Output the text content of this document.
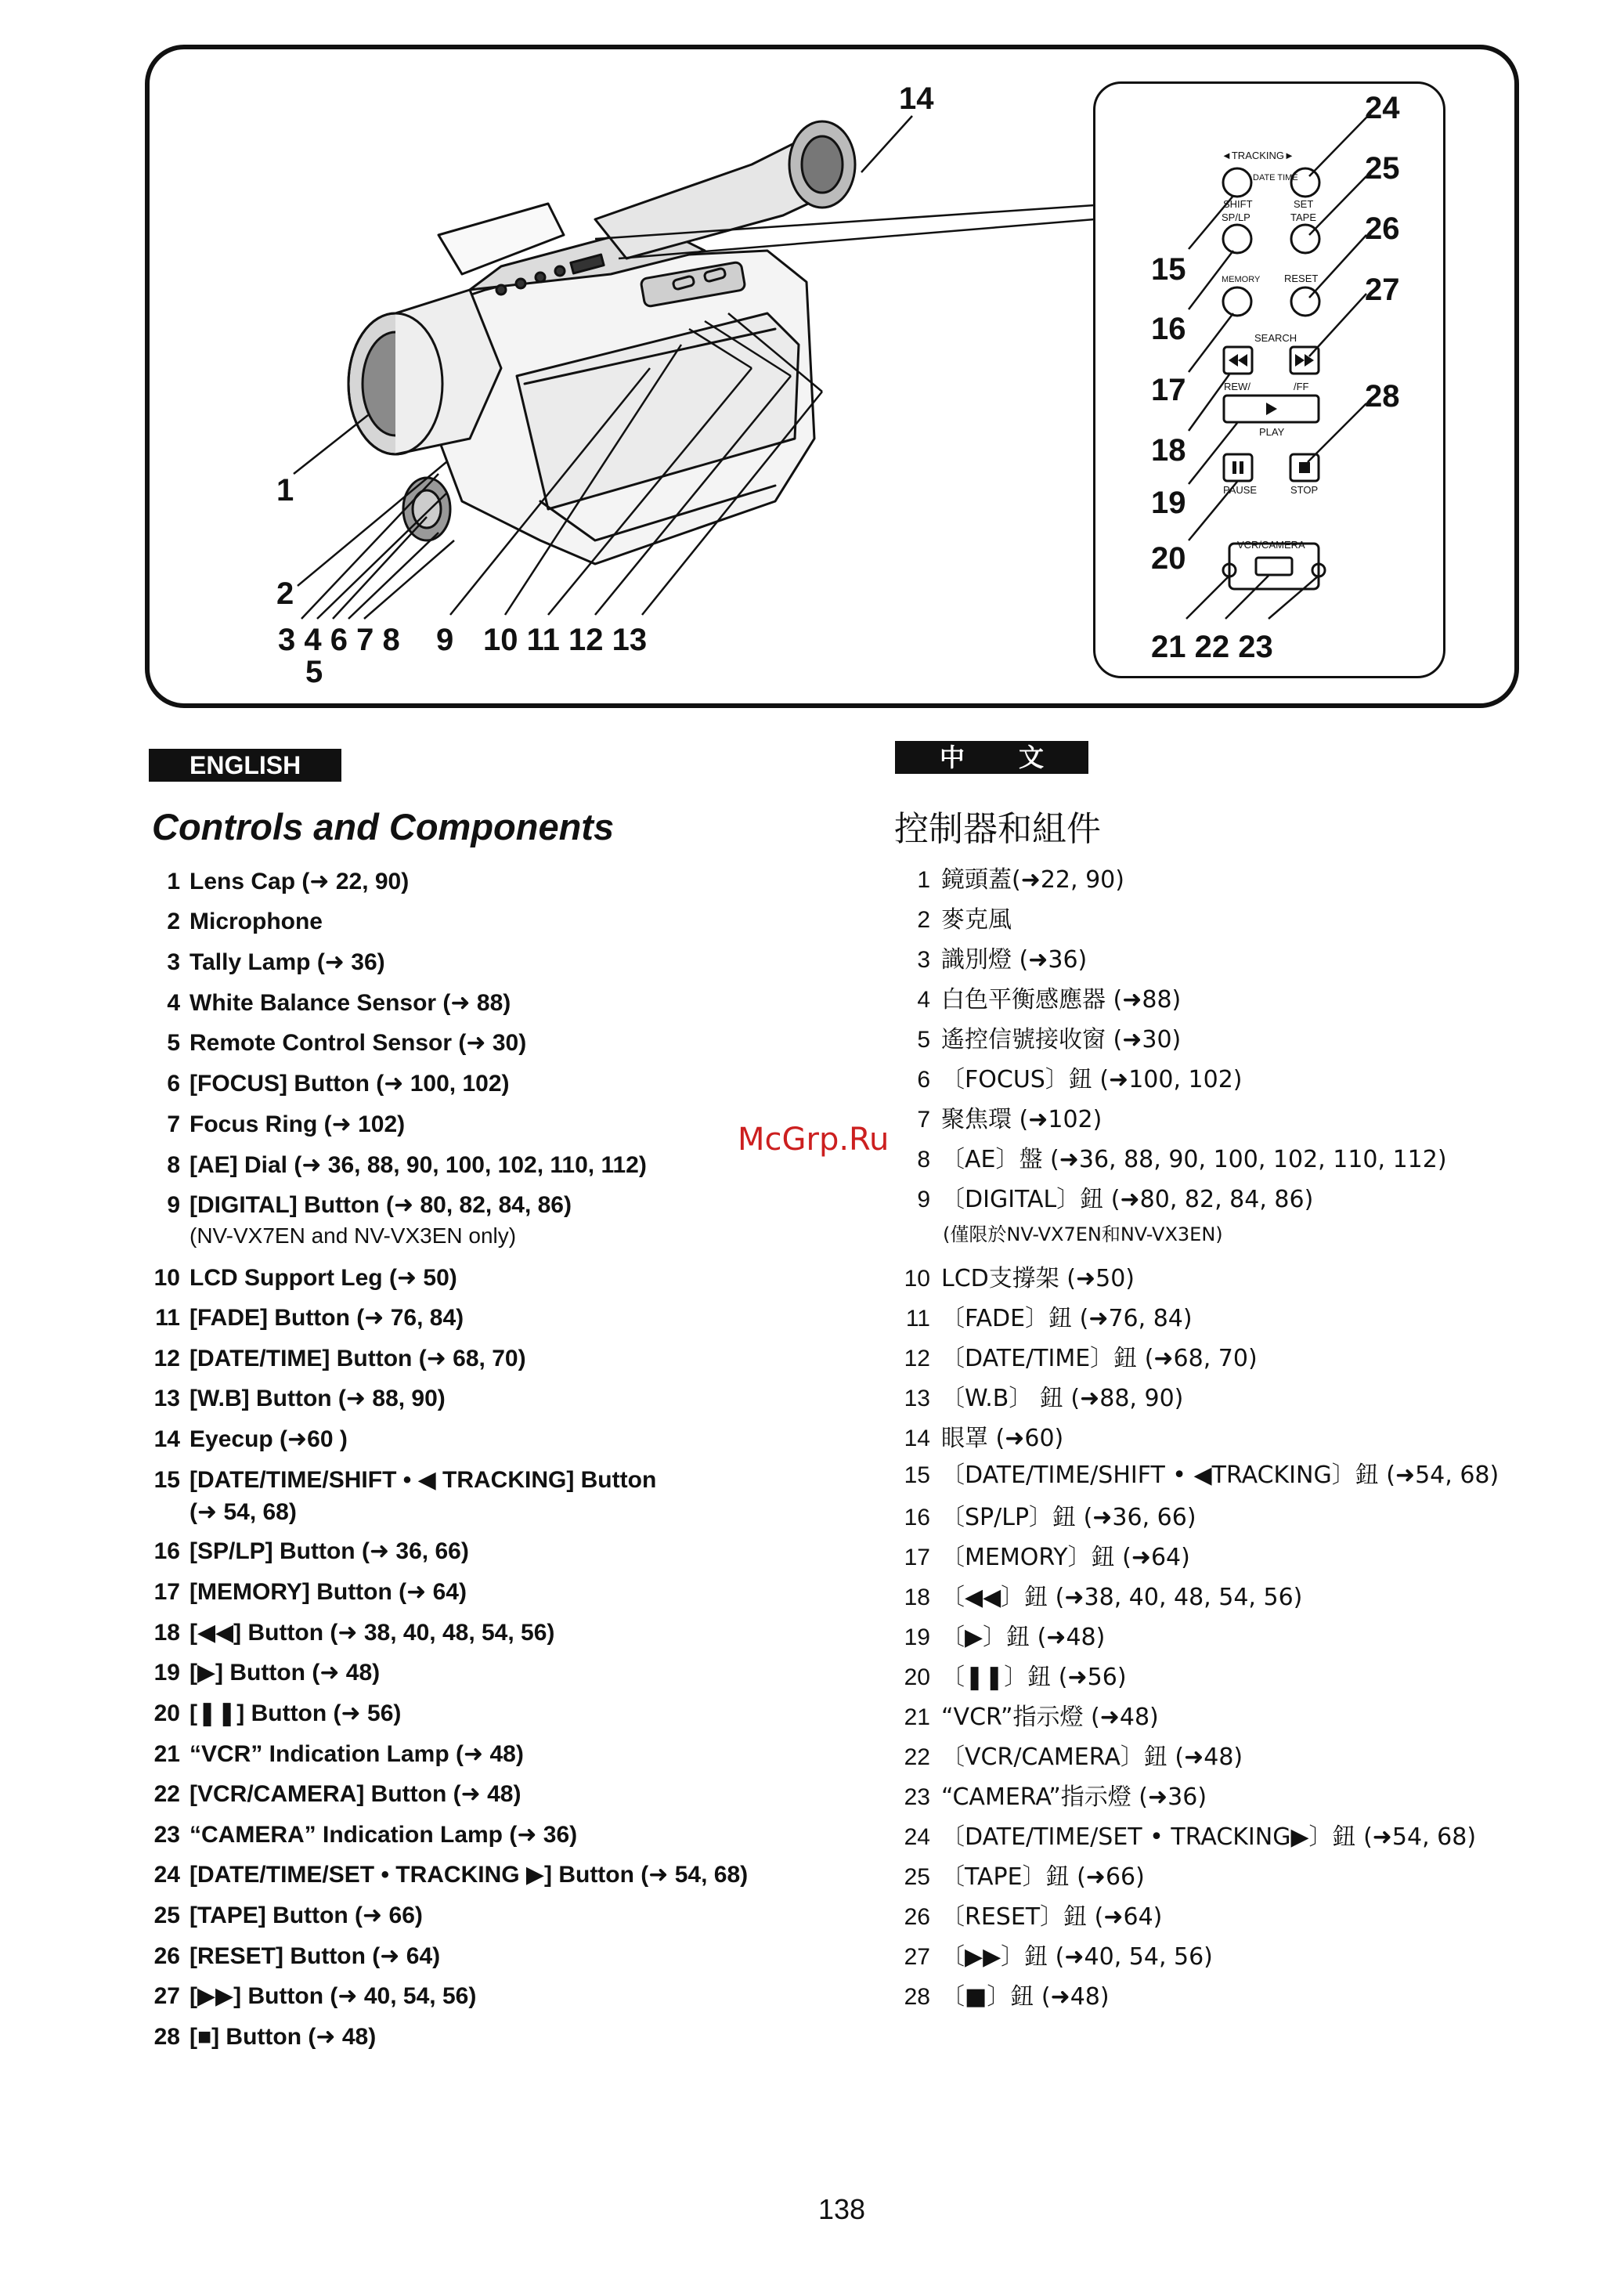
◄TRACKING►
DATE TIME
SHIFT	SET
SP/LP	TAPE
MEMORY RESET
SEARCH
REW/	/FF
PLAY
PAUSE	STOP
VCR/CAMERA
1
2
3 4 6 7 8
5
9 10 11 12 13
14
15
16
17
18
19
20
21 22 23
24
25
26
27
28
ENGLISH	中 文
Controls and Components	控制器和組件
1 Lens Cap (➜ 22, 90)
2 Microphone
3 Tally Lamp (➜ 36)
4 White Balance Sensor (➜ 88)
5 Remote Control Sensor (➜ 30)
6 [FOCUS] Button (➜ 100, 102)
7 Focus Ring (➜ 102)
8 [AE] Dial (➜ 36, 88, 90, 100, 102, 110, 112)
9 [DIGITAL] Button (➜ 80, 82, 84, 86)
10 LCD Support Leg (➜ 50)
11 [FADE] Button (➜ 76, 84)
12 [DATE/TIME] Button (➜ 68, 70)
13 [W.B] Button (➜ 88, 90)
14 Eyecup (➜60 )
15 [DATE/TIME/SHIFT • ◀ TRACKING] Button
16 [SP/LP] Button (➜ 36, 66)
17 [MEMORY] Button (➜ 64)
18 [◀◀] Button (➜ 38, 40, 48, 54, 56)
19 [▶] Button (➜ 48)
20 [❚❚] Button (➜ 56)
21 “VCR” Indication Lamp (➜ 48)
22 [VCR/CAMERA] Button (➜ 48)
23 “CAMERA” Indication Lamp (➜ 36)
24 [DATE/TIME/SET • TRACKING ▶] Button (➜ 54, 68)
25 [TAPE] Button (➜ 66)
26 [RESET] Button (➜ 64)
27 [▶▶] Button (➜ 40, 54, 56)
28 [■] Button (➜ 48)
(NV-VX7EN and NV-VX3EN only)
(➜ 54, 68)
1 鏡頭蓋(➜22, 90)
2 麥克風
3 識別燈 (➜36)
4 白色平衡感應器 (➜88)
5 遙控信號接收窗 (➜30)
6 〔FOCUS〕鈕 (➜100, 102)
7 聚焦環 (➜102)
8 〔AE〕盤 (➜36, 88, 90, 100, 102, 110, 112)
9 〔DIGITAL〕鈕 (➜80, 82, 84, 86)
10 LCD支撐架 (➜50)
11 〔FADE〕鈕 (➜76, 84)
12 〔DATE/TIME〕鈕 (➜68, 70)
13 〔W.B〕 鈕 (➜88, 90)
14 眼罩 (➜60)
15 〔DATE/TIME/SHIFT • ◀TRACKING〕鈕 (➜54, 68)
16 〔SP/LP〕鈕 (➜36, 66)
17 〔MEMORY〕鈕 (➜64)
18 〔◀◀〕鈕 (➜38, 40, 48, 54, 56)
19 〔▶〕鈕 (➜48)
20 〔❚❚〕鈕 (➜56)
21 “VCR”指示燈 (➜48)
22 〔VCR/CAMERA〕鈕 (➜48)
23 “CAMERA”指示燈 (➜36)
24 〔DATE/TIME/SET • TRACKING▶〕鈕 (➜54, 68)
25 〔TAPE〕鈕 (➜66)
26 〔RESET〕鈕 (➜64)
27 〔▶▶〕鈕 (➜40, 54, 56)
28 〔■〕鈕 (➜48)
(僅限於NV-VX7EN和NV-VX3EN)
McGrp.Ru
138
